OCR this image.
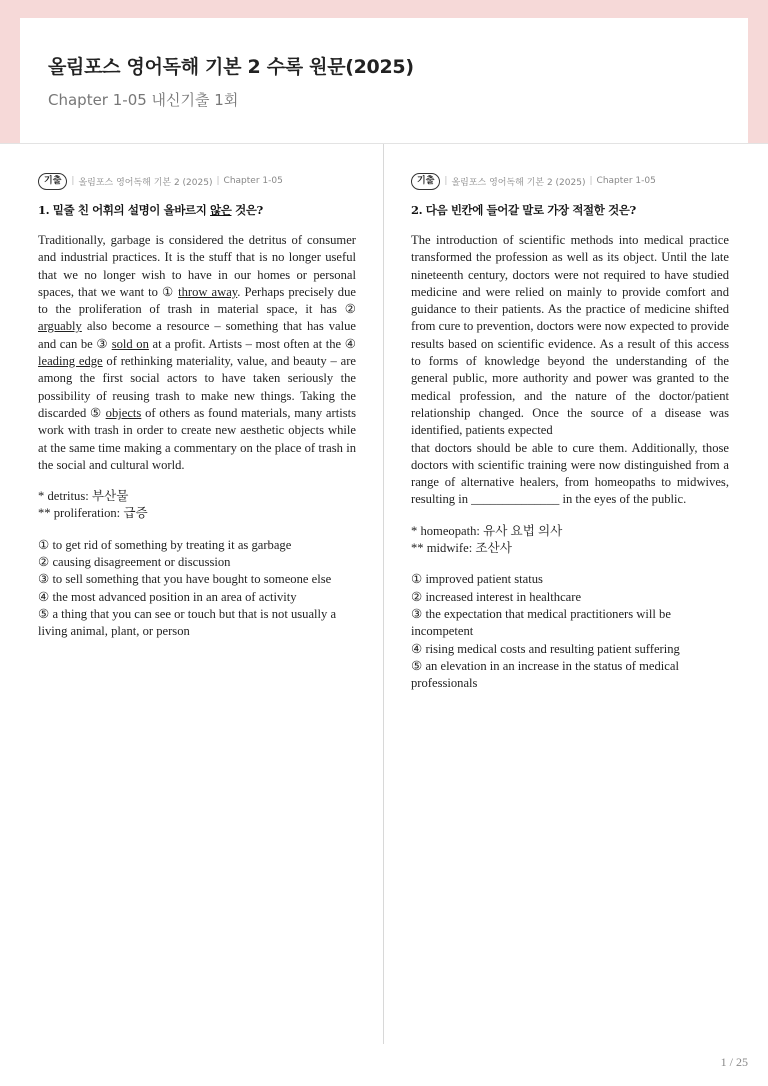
올림포스 영어독해 기본 2 수록 원문(2025)
Chapter 1-05 내신기출 1회
기출	| 올림포스 영어독해 기본 2 (2025) | Chapter 1-05
1. 밑줄 친 어휘의 설명이 올바르지 않은 것은?
Traditionally, garbage is considered the detritus of consumer and industrial practices. It is the stuff that is no longer useful that we no longer wish to have in our homes or personal spaces, that we want to ① throw away. Perhaps precisely due to the proliferation of trash in material space, it has ② arguably also become a resource – something that has value and can be ③ sold on at a profit. Artists – most often at the ④ leading edge of rethinking materiality, value, and beauty – are among the first social actors to have taken seriously the possibility of reusing trash to make new things. Taking the discarded ⑤ objects of others as found materials, many artists work with trash in order to create new aesthetic objects while at the same time making a commentary on the place of trash in the social and cultural world.
* detritus: 부산물
** proliferation: 급증
① to get rid of something by treating it as garbage
② causing disagreement or discussion
③ to sell something that you have bought to someone else
④ the most advanced position in an area of activity
⑤ a thing that you can see or touch but that is not usually a living animal, plant, or person
기출	| 올림포스 영어독해 기본 2 (2025) | Chapter 1-05
2. 다음 빈칸에 들어갈 말로 가장 적절한 것은?
The introduction of scientific methods into medical practice transformed the profession as well as its object. Until the late nineteenth century, doctors were not required to have studied medicine and were relied on mainly to provide comfort and guidance to their patients. As the practice of medicine shifted from cure to prevention, doctors were now expected to provide results based on scientific evidence. As a result of this access to forms of knowledge beyond the understanding of the general public, more authority and power was granted to the medical profession, and the nature of the doctor/patient relationship changed. Once the source of a disease was identified, patients expected
that doctors should be able to cure them. Additionally, those doctors with scientific training were now distinguished from a range of alternative healers, from homeopaths to midwives, resulting in ______________ in the eyes of the public.
* homeopath: 유사 요법 의사
** midwife: 조산사
① improved patient status
② increased interest in healthcare
③ the expectation that medical practitioners will be incompetent
④ rising medical costs and resulting patient suffering
⑤ an elevation in an increase in the status of medical professionals
1 / 25
